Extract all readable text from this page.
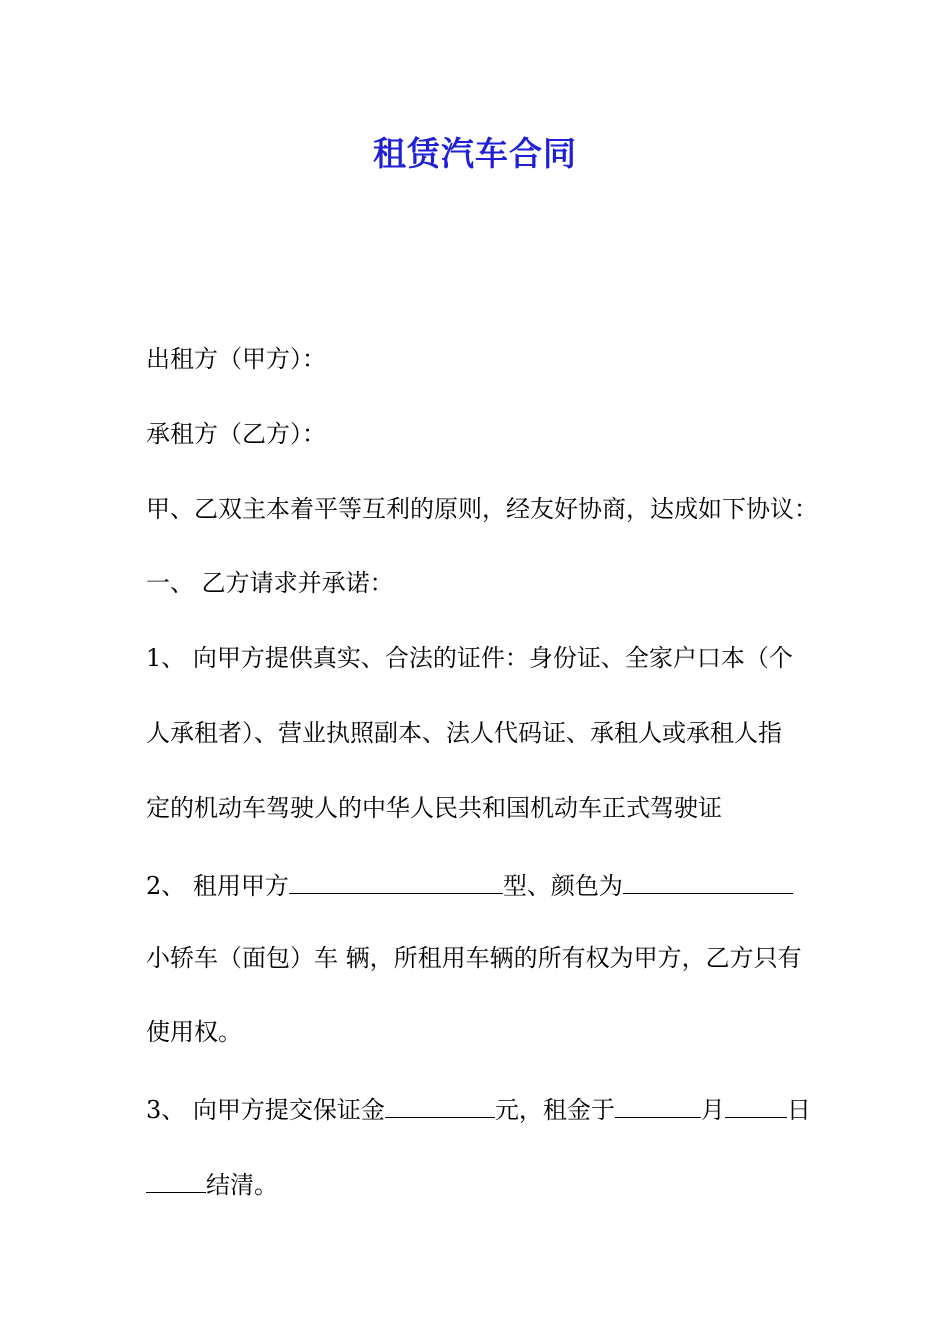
租赁汽车合同

出租方（甲方）：

承租方（乙方）：

甲、乙双主本着平等互利的原则，经友好协商，达成如下协议：

一、 乙方请求并承诺：

1、 向甲方提供真实、合法的证件：身份证、全家户口本（个

人承租者）、营业执照副本、法人代码证、承租人或承租人指

定的机动车驾驶人的中华人民共和国机动车正式驾驶证

2、 租用甲方	型、颜色为

小轿车（面包）车 辆，所租用车辆的所有权为甲方，乙方只有

使用权。

3、 向甲方提交保证金	元，租金于	月	日

结清。
